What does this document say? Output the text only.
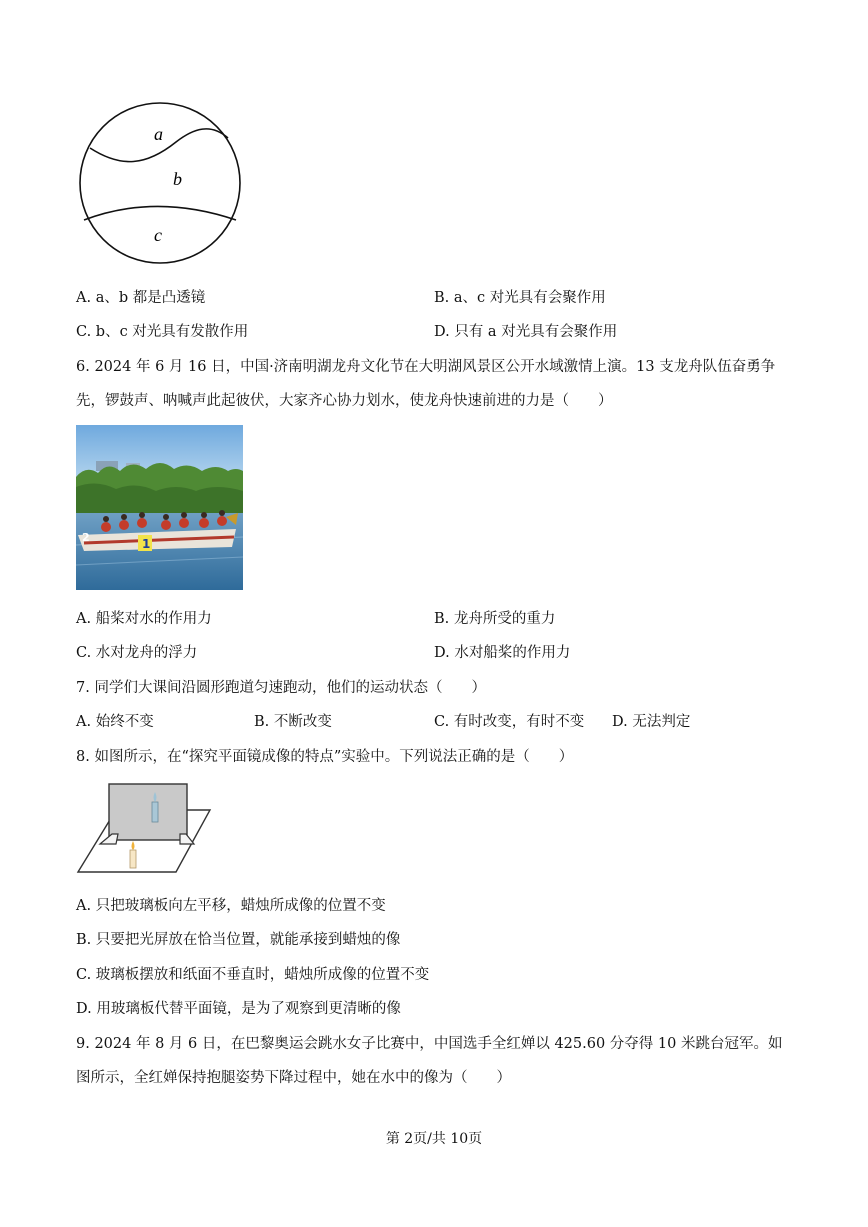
a
b
c
A. a、b 都是凸透镜	B. a、c 对光具有会聚作用
C. b、c 对光具有发散作用	D. 只有 a 对光具有会聚作用
6. 2024 年 6 月 16 日，中国·济南明湖龙舟文化节在大明湖风景区公开水域激情上演。13 支龙舟队伍奋勇争
先，锣鼓声、呐喊声此起彼伏，大家齐心协力划水，使龙舟快速前进的力是（　　）
1
2
A. 船桨对水的作用力	B. 龙舟所受的重力
C. 水对龙舟的浮力	D. 水对船桨的作用力
7. 同学们大课间沿圆形跑道匀速跑动，他们的运动状态（　　）
A. 始终不变	B. 不断改变	C. 有时改变，有时不变 D. 无法判定
8. 如图所示，在“探究平面镜成像的特点”实验中。下列说法正确的是（　　）
A. 只把玻璃板向左平移，蜡烛所成像的位置不变
B. 只要把光屏放在恰当位置，就能承接到蜡烛的像
C. 玻璃板摆放和纸面不垂直时，蜡烛所成像的位置不变
D. 用玻璃板代替平面镜，是为了观察到更清晰的像
9. 2024 年 8 月 6 日，在巴黎奥运会跳水女子比赛中，中国选手全红婵以 425.60 分夺得 10 米跳台冠军。如
图所示，全红婵保持抱腿姿势下降过程中，她在水中的像为（　　）
第 2页/共 10页
